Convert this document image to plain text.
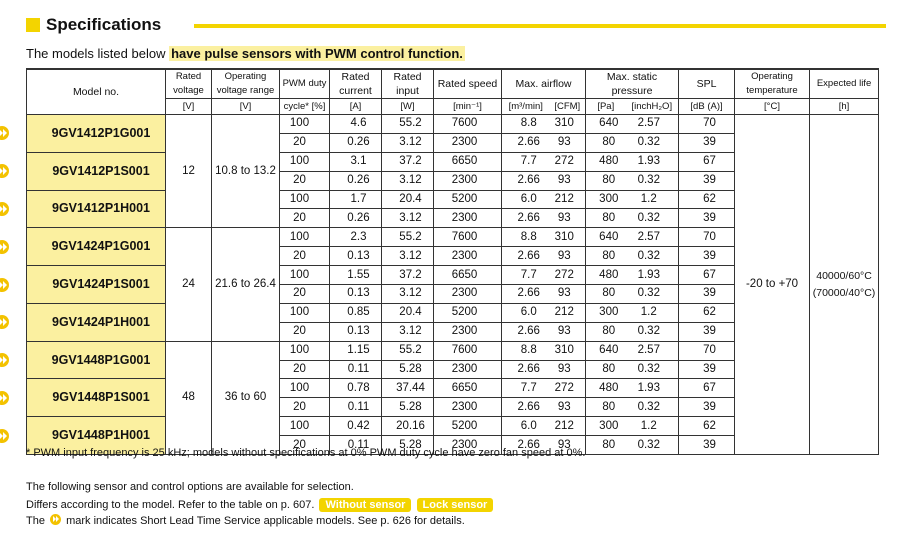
Specifications
The models listed below have pulse sensors with PWM control function.
Model no.	Rated voltage	Operating voltage range	PWM duty	Rated current	Rated input	Rated speed	Max. airflow		Max. static pressure		SPL	Operating temperature	Expected life
	[V]	[V]	cycle* [%]	[A]	[W]	[min⁻¹]	[m³/min]	[CFM]	[Pa]	[inchH₂O]	[dB (A)]	[°C]	[h]

9GV1412P1G001	12	10.8 to 13.2	100	4.6	55.2	7600	8.8	310	640	2.57	70	-20 to +70	40000/60°C
(70000/40°C)

			20	0.26	3.12	2300	2.66	93	80	0.32	39		

9GV1412P1S001			100	3.1	37.2	6650	7.7	272	480	1.93	67		
			20	0.26	3.12	2300	2.66	93	80	0.32	39		

9GV1412P1H001			100	1.7	20.4	5200	6.0	212	300	1.2	62		
			20	0.26	3.12	2300	2.66	93	80	0.32	39		

9GV1424P1G001	24	21.6 to 26.4	100	2.3	55.2	7600	8.8	310	640	2.57	70		
			20	0.13	3.12	2300	2.66	93	80	0.32	39		

9GV1424P1S001			100	1.55	37.2	6650	7.7	272	480	1.93	67		
			20	0.13	3.12	2300	2.66	93	80	0.32	39		

9GV1424P1H001			100	0.85	20.4	5200	6.0	212	300	1.2	62		
			20	0.13	3.12	2300	2.66	93	80	0.32	39		

9GV1448P1G001	48	36 to 60	100	1.15	55.2	7600	8.8	310	640	2.57	70		
			20	0.11	5.28	2300	2.66	93	80	0.32	39		

9GV1448P1S001			100	0.78	37.44	6650	7.7	272	480	1.93	67		
			20	0.11	5.28	2300	2.66	93	80	0.32	39		

9GV1448P1H001			100	0.42	20.16	5200	6.0	212	300	1.2	62		
			20	0.11	5.28	2300	2.66	93	80	0.32	39		
* PWM input frequency is 25 kHz; models without specifications at 0% PWM duty cycle have zero fan speed at 0%.
The following sensor and control options are available for selection.
Differs according to the model. Refer to the table on p. 607. Without sensor Lock sensor
The mark indicates Short Lead Time Service applicable models. See p. 626 for details.
